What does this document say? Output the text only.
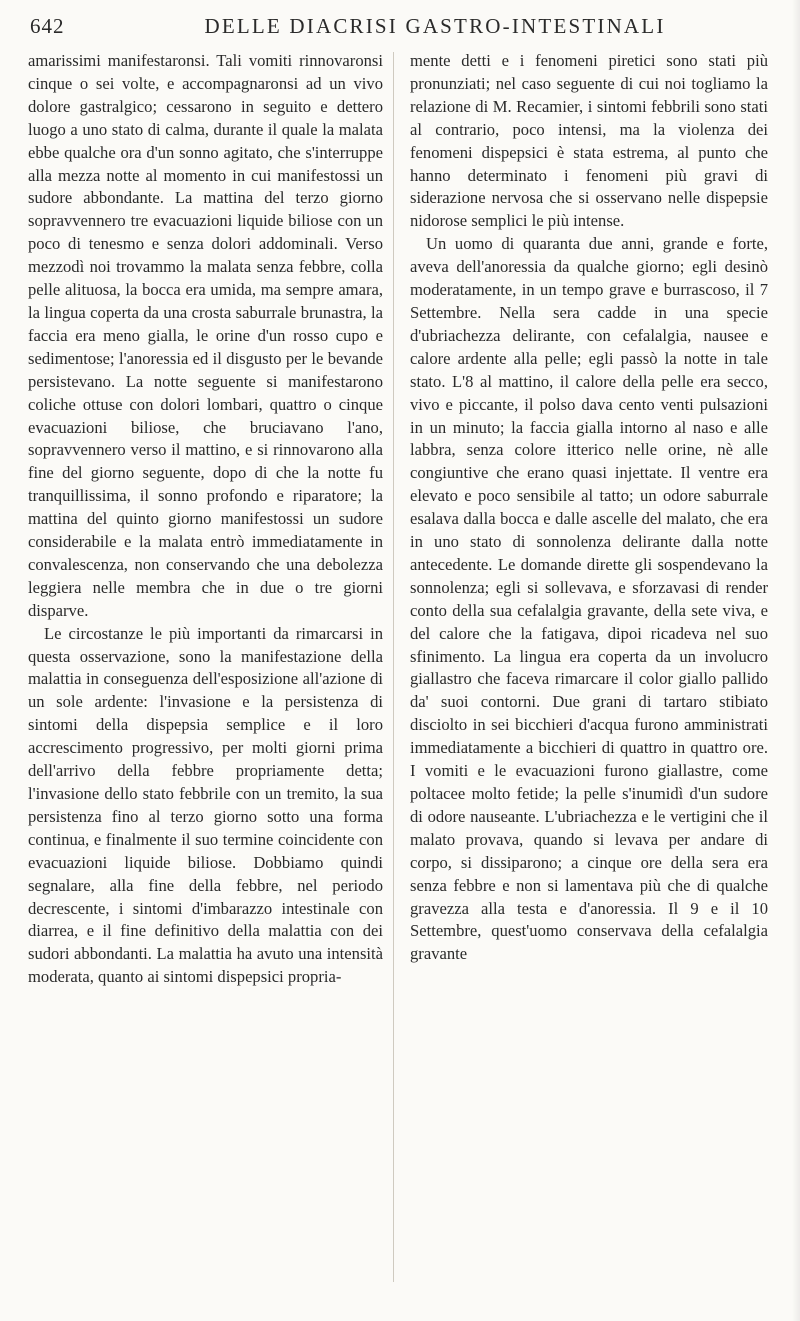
642	DELLE DIACRISI GASTRO-INTESTINALI

amarissimi manifestaronsi. Tali vomiti rinnovaronsi cinque o sei volte, e accompagnaronsi ad un vivo dolore gastralgico; cessarono in seguito e dettero luogo a uno stato di calma, durante il quale la malata ebbe qualche ora d'un sonno agitato, che s'interruppe alla mezza notte al momento in cui manifestossi un sudore abbondante. La mattina del terzo giorno sopravvennero tre evacuazioni liquide biliose con un poco di tenesmo e senza dolori addominali. Verso mezzodì noi trovammo la malata senza febbre, colla pelle alituosa, la bocca era umida, ma sempre amara, la lingua coperta da una crosta saburrale brunastra, la faccia era meno gialla, le orine d'un rosso cupo e sedimentose; l'anoressia ed il disgusto per le bevande persistevano. La notte seguente si manifestarono coliche ottuse con dolori lombari, quattro o cinque evacuazioni biliose, che bruciavano l'ano, sopravvennero verso il mattino, e si rinnovarono alla fine del giorno seguente, dopo di che la notte fu tranquillissima, il sonno profondo e riparatore; la mattina del quinto giorno manifestossi un sudore considerabile e la malata entrò immediatamente in convalescenza, non conservando che una debolezza leggiera nelle membra che in due o tre giorni disparve.

Le circostanze le più importanti da rimarcarsi in questa osservazione, sono la manifestazione della malattia in conseguenza dell'esposizione all'azione di un sole ardente: l'invasione e la persistenza di sintomi della dispepsia semplice e il loro accrescimento progressivo, per molti giorni prima dell'arrivo della febbre propriamente detta; l'invasione dello stato febbrile con un tremito, la sua persistenza fino al terzo giorno sotto una forma continua, e finalmente il suo termine coincidente con evacuazioni liquide biliose. Dobbiamo quindi segnalare, alla fine della febbre, nel periodo decrescente, i sintomi d'imbarazzo intestinale con diarrea, e il fine definitivo della malattia con dei sudori abbondanti. La malattia ha avuto una intensità moderata, quanto ai sintomi dispepsici propria-

mente detti e i fenomeni piretici sono stati più pronunziati; nel caso seguente di cui noi togliamo la relazione di M. Recamier, i sintomi febbrili sono stati al contrario, poco intensi, ma la violenza dei fenomeni dispepsici è stata estrema, al punto che hanno determinato i fenomeni più gravi di siderazione nervosa che si osservano nelle dispepsie nidorose semplici le più intense.

Un uomo di quaranta due anni, grande e forte, aveva dell'anoressia da qualche giorno; egli desinò moderatamente, in un tempo grave e burrascoso, il 7 Settembre. Nella sera cadde in una specie d'ubriachezza delirante, con cefalalgia, nausee e calore ardente alla pelle; egli passò la notte in tale stato. L'8 al mattino, il calore della pelle era secco, vivo e piccante, il polso dava cento venti pulsazioni in un minuto; la faccia gialla intorno al naso e alle labbra, senza colore itterico nelle orine, nè alle congiuntive che erano quasi injettate. Il ventre era elevato e poco sensibile al tatto; un odore saburrale esalava dalla bocca e dalle ascelle del malato, che era in uno stato di sonnolenza delirante dalla notte antecedente. Le domande dirette gli sospendevano la sonnolenza; egli si sollevava, e sforzavasi di render conto della sua cefalalgia gravante, della sete viva, e del calore che la fatigava, dipoi ricadeva nel suo sfinimento. La lingua era coperta da un involucro giallastro che faceva rimarcare il color giallo pallido da' suoi contorni. Due grani di tartaro stibiato disciolto in sei bicchieri d'acqua furono amministrati immediatamente a bicchieri di quattro in quattro ore. I vomiti e le evacuazioni furono giallastre, come poltacee molto fetide; la pelle s'inumidì d'un sudore di odore nauseante. L'ubriachezza e le vertigini che il malato provava, quando si levava per andare di corpo, si dissiparono; a cinque ore della sera era senza febbre e non si lamentava più che di qualche gravezza alla testa e d'anoressia. Il 9 e il 10 Settembre, quest'uomo conservava della cefalalgia gravante
